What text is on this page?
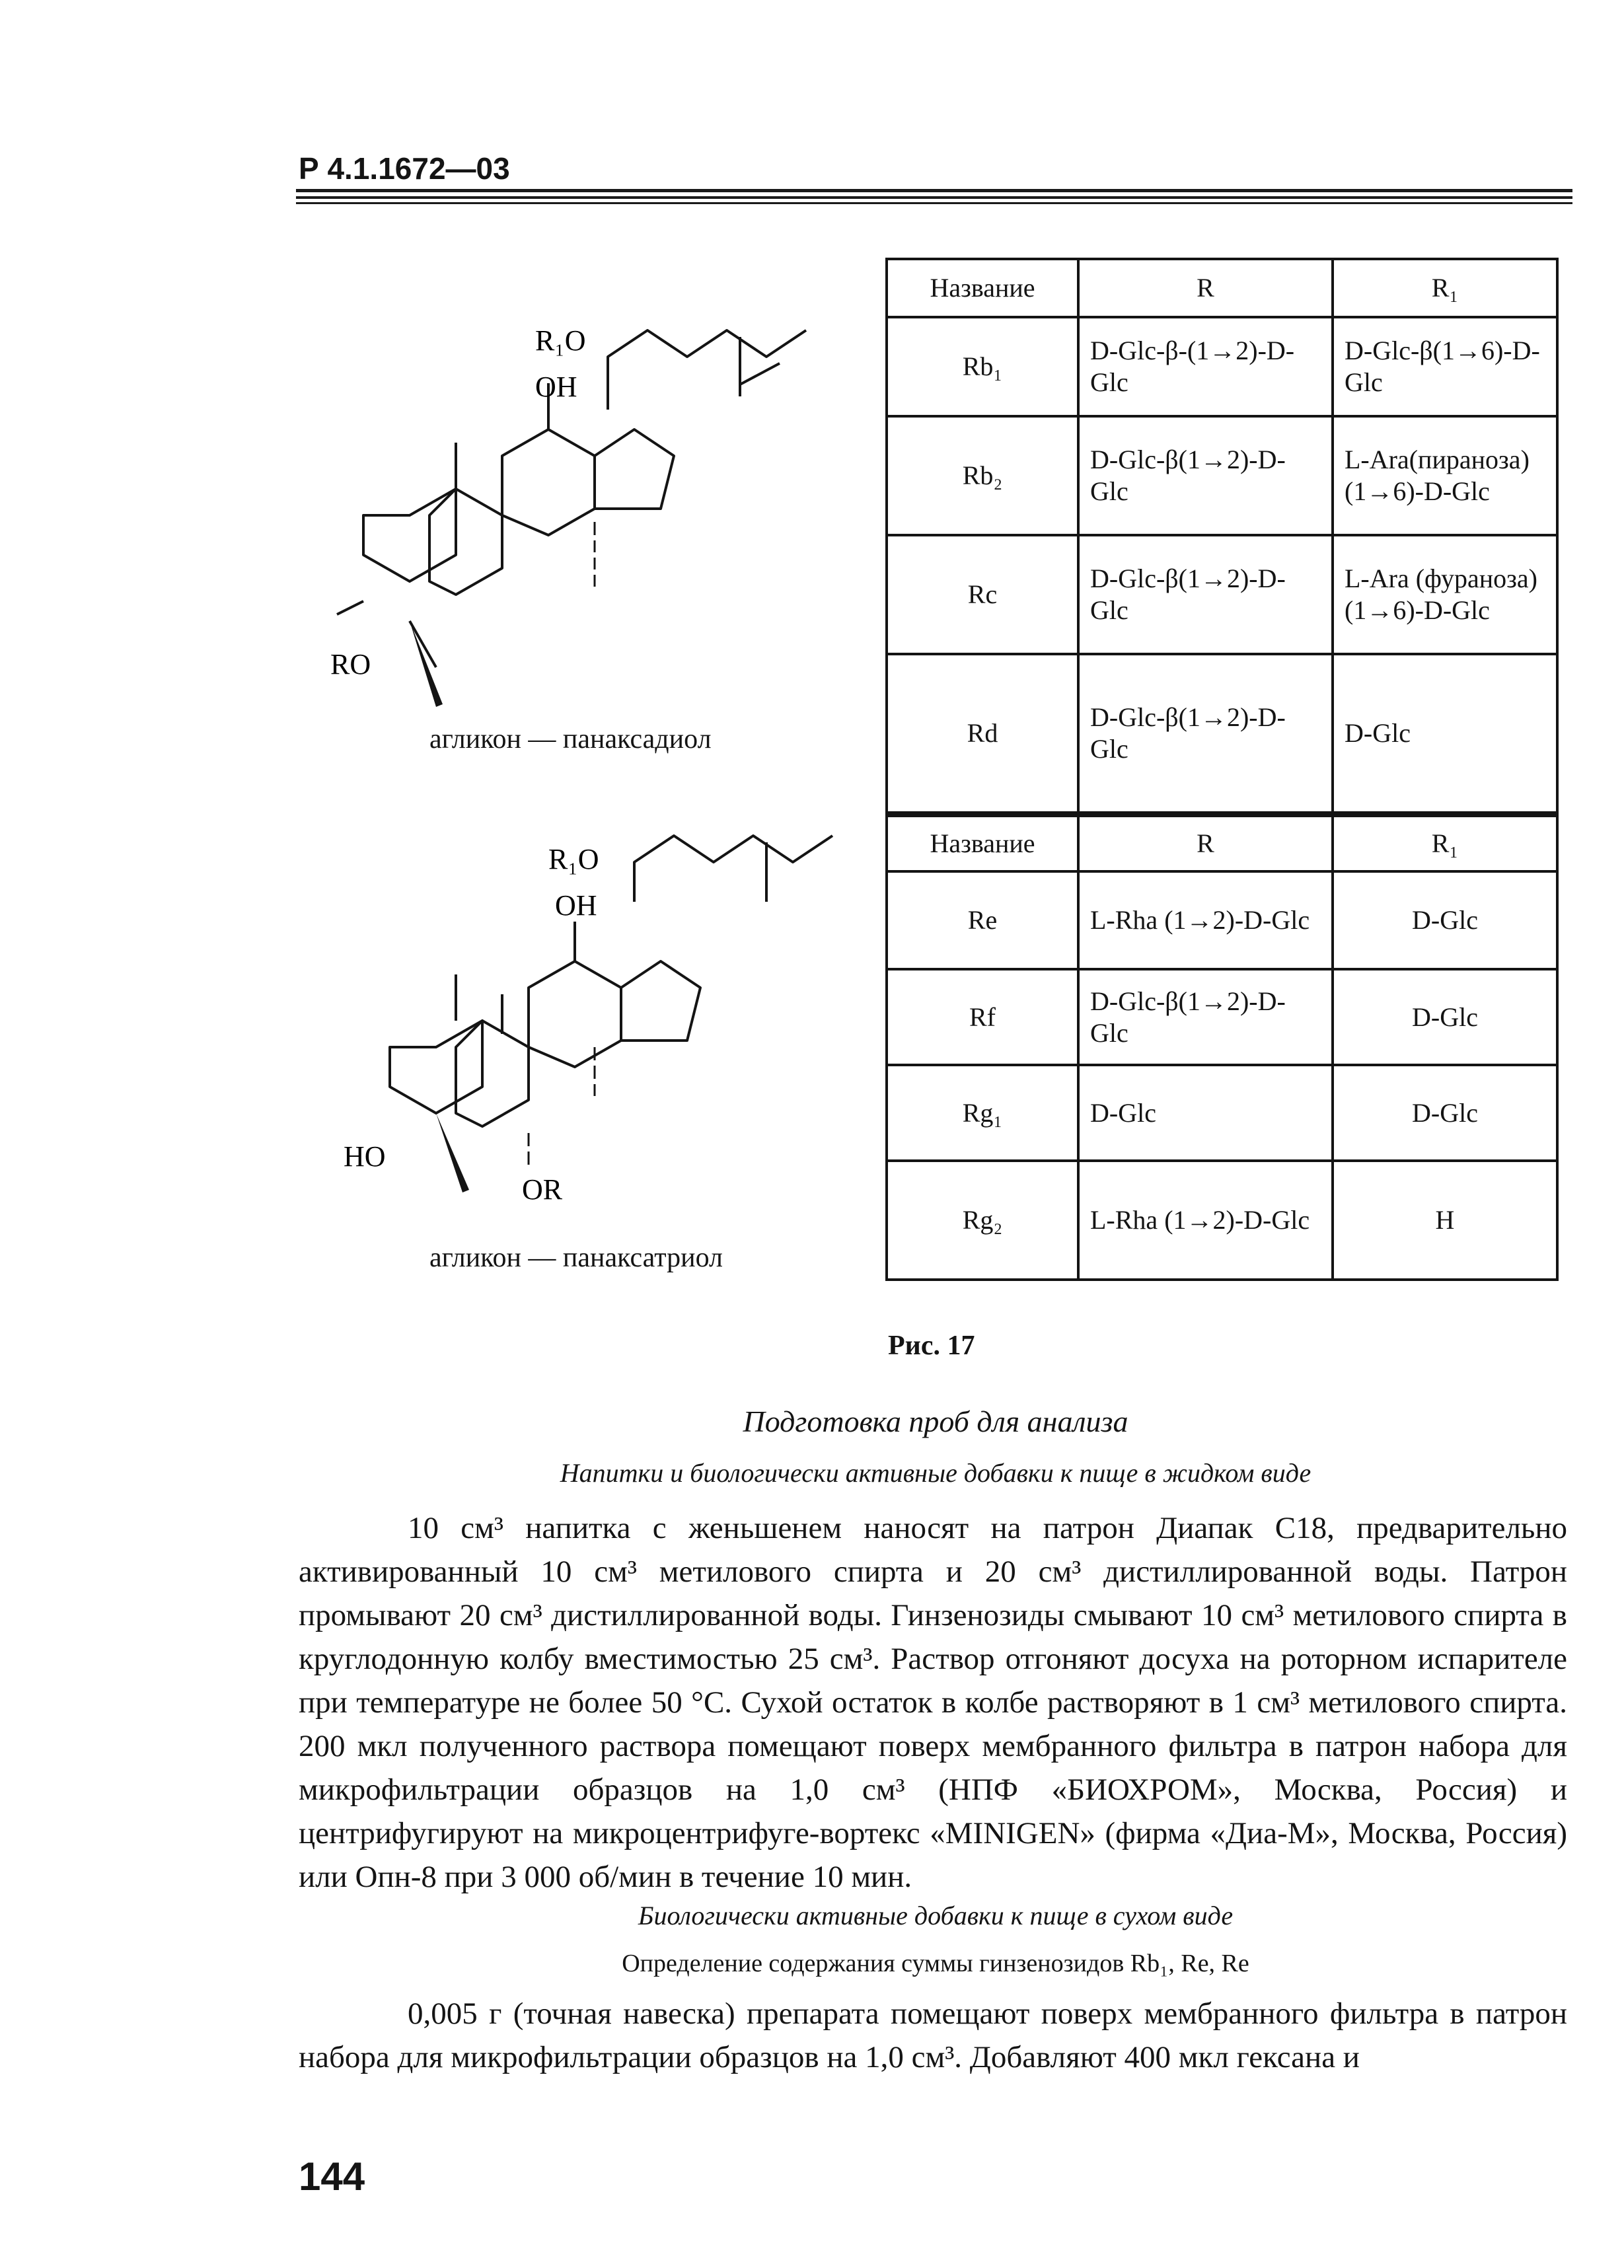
Р 4.1.1672—03
R₁O
OH
RO
агликон — панаксадиол
R₁O
OH
HO
OR
агликон — панаксатриол
Название	R	R₁
Rb₁	D-Glc-β-(1→2)-D-Glc	D-Glc-β(1→6)-D-Glc
Rb₂	D-Glc-β(1→2)-D-Glc	L-Ara(пиранозa) (1→6)-D-Glc
Rc	D-Glc-β(1→2)-D-Glc	L-Ara (фуранозa) (1→6)-D-Glc
Rd	D-Glc-β(1→2)-D-Glc	D-Glc
Название	R	R₁
Re	L-Rha (1→2)-D-Glc	D-Glc
Rf	D-Glc-β(1→2)-D-Glc	D-Glc
Rg₁	D-Glc	D-Glc
Rg₂	L-Rha (1→2)-D-Glc	H
Рис. 17
Подготовка проб для анализа
Напитки и биологически активные добавки к пище в жидком виде
10 см³ напитка с женьшенем наносят на патрон Диапак С18, предварительно активированный 10 см³ метилового спирта и 20 см³ дистиллированной воды. Патрон промывают 20 см³ дистиллированной воды. Гинзенозиды смывают 10 см³ метилового спирта в круглодонную колбу вместимостью 25 см³. Раствор отгоняют досуха на роторном испарителе при температуре не более 50 °С. Сухой остаток в колбе растворяют в 1 см³ метилового спирта. 200 мкл полученного раствора помещают поверх мембранного фильтра в патрон набора для микрофильтрации образцов на 1,0 см³ (НПФ «БИОХРОМ», Москва, Россия) и центрифугируют на микроцентрифуге-вортекс «MINIGEN» (фирма «Диа-М», Москва, Россия) или Опн-8 при 3 000 об/мин в течение 10 мин.
Биологически активные добавки к пище в сухом виде
Определение содержания суммы гинзенозидов Rb₁, Re, Re
0,005 г (точная навеска) препарата помещают поверх мембранного фильтра в патрон набора для микрофильтрации образцов на 1,0 см³. Добавляют 400 мкл гексана и
144
